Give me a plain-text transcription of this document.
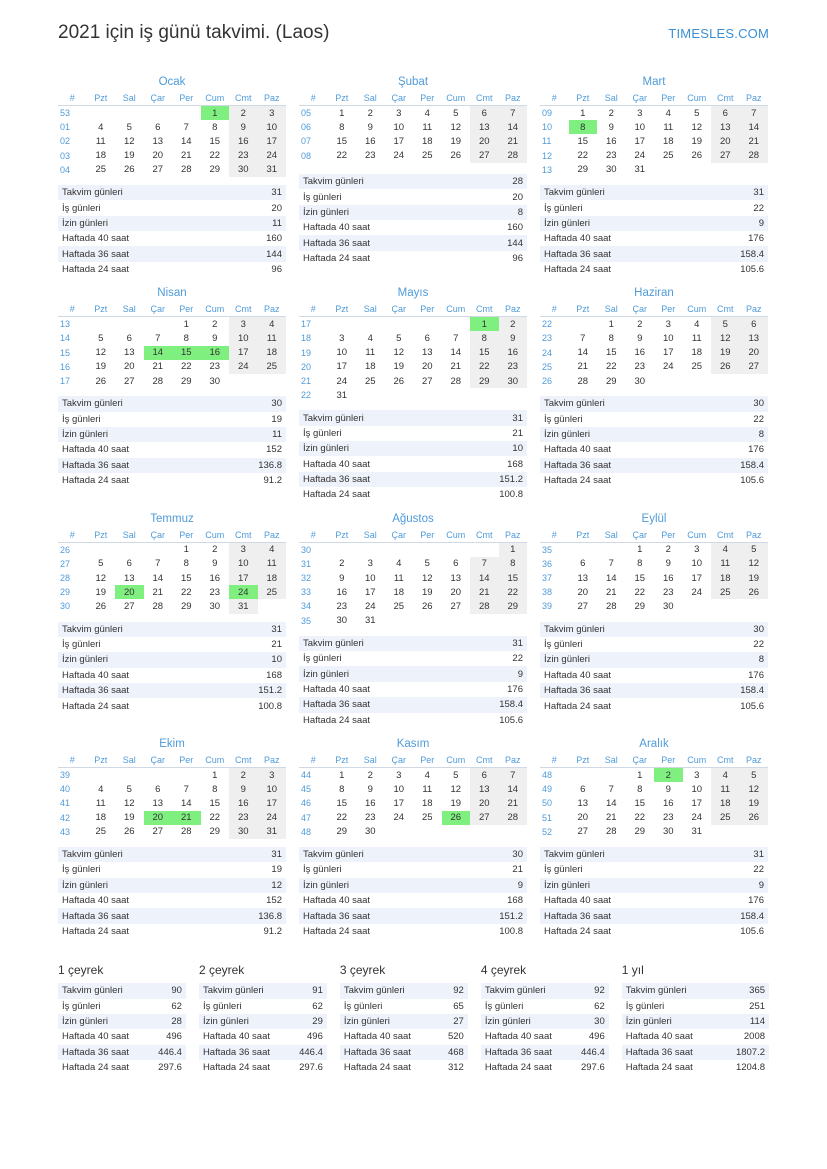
2021 için iş günü takvimi. (Laos)	TIMESLES.COM
Ocak
#	Pzt	Sal	Çar	Per	Cum	Cmt	Paz
53					1	2	3
01	4	5	6	7	8	9	10
02	11	12	13	14	15	16	17
03	18	19	20	21	22	23	24
04	25	26	27	28	29	30	31
Takvim günleri	31
İş günleri	20
İzin günleri	11
Haftada 40 saat	160
Haftada 36 saat	144
Haftada 24 saat	96
Şubat
#	Pzt	Sal	Çar	Per	Cum	Cmt	Paz
05	1	2	3	4	5	6	7
06	8	9	10	11	12	13	14
07	15	16	17	18	19	20	21
08	22	23	24	25	26	27	28

Takvim günleri	28
İş günleri	20
İzin günleri	8
Haftada 40 saat	160
Haftada 36 saat	144
Haftada 24 saat	96
Mart
#	Pzt	Sal	Çar	Per	Cum	Cmt	Paz
09	1	2	3	4	5	6	7
10	8	9	10	11	12	13	14
11	15	16	17	18	19	20	21
12	22	23	24	25	26	27	28
13	29	30	31				
Takvim günleri	31
İş günleri	22
İzin günleri	9
Haftada 40 saat	176
Haftada 36 saat	158.4
Haftada 24 saat	105.6
Nisan
#	Pzt	Sal	Çar	Per	Cum	Cmt	Paz
13				1	2	3	4
14	5	6	7	8	9	10	11
15	12	13	14	15	16	17	18
16	19	20	21	22	23	24	25
17	26	27	28	29	30		
Takvim günleri	30
İş günleri	19
İzin günleri	11
Haftada 40 saat	152
Haftada 36 saat	136.8
Haftada 24 saat	91.2
Mayıs
#	Pzt	Sal	Çar	Per	Cum	Cmt	Paz
17						1	2
18	3	4	5	6	7	8	9
19	10	11	12	13	14	15	16
20	17	18	19	20	21	22	23
21	24	25	26	27	28	29	30
22	31						
Takvim günleri	31
İş günleri	21
İzin günleri	10
Haftada 40 saat	168
Haftada 36 saat	151.2
Haftada 24 saat	100.8
Haziran
#	Pzt	Sal	Çar	Per	Cum	Cmt	Paz
22		1	2	3	4	5	6
23	7	8	9	10	11	12	13
24	14	15	16	17	18	19	20
25	21	22	23	24	25	26	27
26	28	29	30				
Takvim günleri	30
İş günleri	22
İzin günleri	8
Haftada 40 saat	176
Haftada 36 saat	158.4
Haftada 24 saat	105.6
Temmuz
#	Pzt	Sal	Çar	Per	Cum	Cmt	Paz
26				1	2	3	4
27	5	6	7	8	9	10	11
28	12	13	14	15	16	17	18
29	19	20	21	22	23	24	25
30	26	27	28	29	30	31	
Takvim günleri	31
İş günleri	21
İzin günleri	10
Haftada 40 saat	168
Haftada 36 saat	151.2
Haftada 24 saat	100.8
Ağustos
#	Pzt	Sal	Çar	Per	Cum	Cmt	Paz
30							1
31	2	3	4	5	6	7	8
32	9	10	11	12	13	14	15
33	16	17	18	19	20	21	22
34	23	24	25	26	27	28	29
35	30	31					
Takvim günleri	31
İş günleri	22
İzin günleri	9
Haftada 40 saat	176
Haftada 36 saat	158.4
Haftada 24 saat	105.6
Eylül
#	Pzt	Sal	Çar	Per	Cum	Cmt	Paz
35			1	2	3	4	5
36	6	7	8	9	10	11	12
37	13	14	15	16	17	18	19
38	20	21	22	23	24	25	26
39	27	28	29	30			
Takvim günleri	30
İş günleri	22
İzin günleri	8
Haftada 40 saat	176
Haftada 36 saat	158.4
Haftada 24 saat	105.6
Ekim
#	Pzt	Sal	Çar	Per	Cum	Cmt	Paz
39					1	2	3
40	4	5	6	7	8	9	10
41	11	12	13	14	15	16	17
42	18	19	20	21	22	23	24
43	25	26	27	28	29	30	31
Takvim günleri	31
İş günleri	19
İzin günleri	12
Haftada 40 saat	152
Haftada 36 saat	136.8
Haftada 24 saat	91.2
Kasım
#	Pzt	Sal	Çar	Per	Cum	Cmt	Paz
44	1	2	3	4	5	6	7
45	8	9	10	11	12	13	14
46	15	16	17	18	19	20	21
47	22	23	24	25	26	27	28
48	29	30					
Takvim günleri	30
İş günleri	21
İzin günleri	9
Haftada 40 saat	168
Haftada 36 saat	151.2
Haftada 24 saat	100.8
Aralık
#	Pzt	Sal	Çar	Per	Cum	Cmt	Paz
48			1	2	3	4	5
49	6	7	8	9	10	11	12
50	13	14	15	16	17	18	19
51	20	21	22	23	24	25	26
52	27	28	29	30	31		
Takvim günleri	31
İş günleri	22
İzin günleri	9
Haftada 40 saat	176
Haftada 36 saat	158.4
Haftada 24 saat	105.6
1 çeyrek
Takvim günleri	90
İş günleri	62
İzin günleri	28
Haftada 40 saat	496
Haftada 36 saat	446.4
Haftada 24 saat	297.6
2 çeyrek
Takvim günleri	91
İş günleri	62
İzin günleri	29
Haftada 40 saat	496
Haftada 36 saat	446.4
Haftada 24 saat	297.6
3 çeyrek
Takvim günleri	92
İş günleri	65
İzin günleri	27
Haftada 40 saat	520
Haftada 36 saat	468
Haftada 24 saat	312
4 çeyrek
Takvim günleri	92
İş günleri	62
İzin günleri	30
Haftada 40 saat	496
Haftada 36 saat	446.4
Haftada 24 saat	297.6
1 yıl
Takvim günleri	365
İş günleri	251
İzin günleri	114
Haftada 40 saat	2008
Haftada 36 saat	1807.2
Haftada 24 saat	1204.8
